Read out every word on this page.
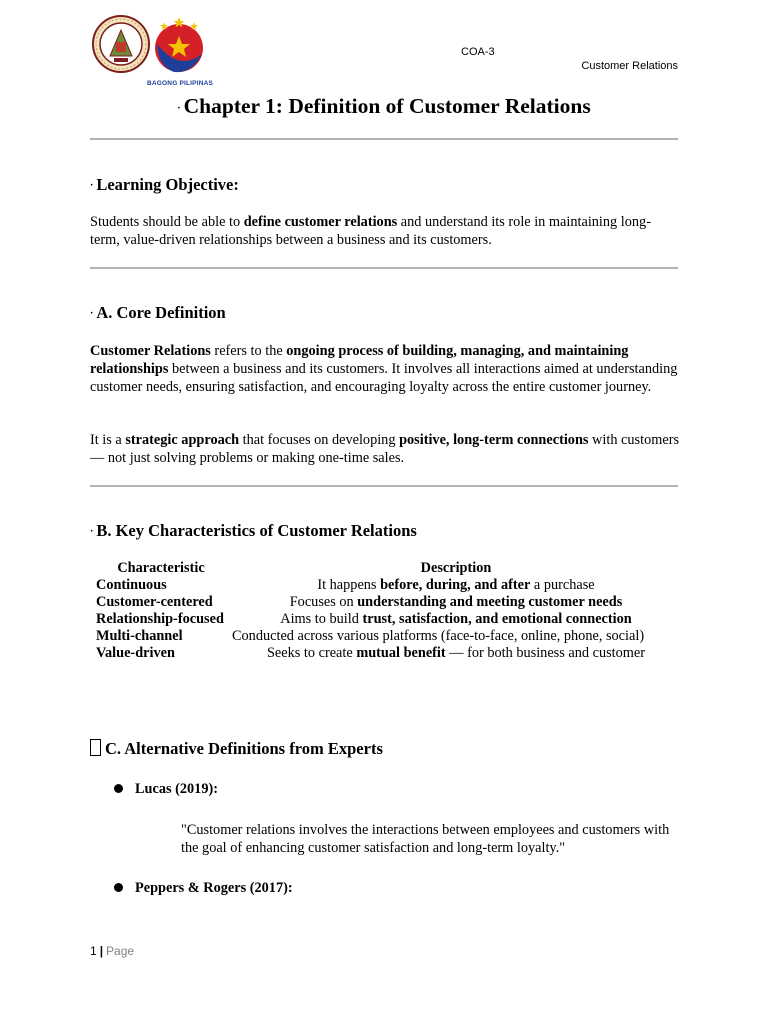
BAGONG PILIPINAS
COA-3
Customer Relations
· Chapter 1: Definition of Customer Relations
· Learning Objective:
Students should be able to define customer relations and understand its role in maintaining long-term, value-driven relationships between a business and its customers.
· A. Core Definition
Customer Relations refers to the ongoing process of building, managing, and maintaining relationships between a business and its customers. It involves all interactions aimed at understanding customer needs, ensuring satisfaction, and encouraging loyalty across the entire customer journey.
It is a strategic approach that focuses on developing positive, long-term connections with customers — not just solving problems or making one-time sales.
· B. Key Characteristics of Customer Relations
Characteristic	Description
Continuous	It happens before, during, and after a purchase
Customer-centered	Focuses on understanding and meeting customer needs
Relationship-focused	Aims to build trust, satisfaction, and emotional connection
Multi-channel	Conducted across various platforms (face-to-face, online, phone, social)
Value-driven	Seeks to create mutual benefit — for both business and customer
C. Alternative Definitions from Experts
Lucas (2019):
"Customer relations involves the interactions between employees and customers with the goal of enhancing customer satisfaction and long-term loyalty."
Peppers & Rogers (2017):
1 | Page
